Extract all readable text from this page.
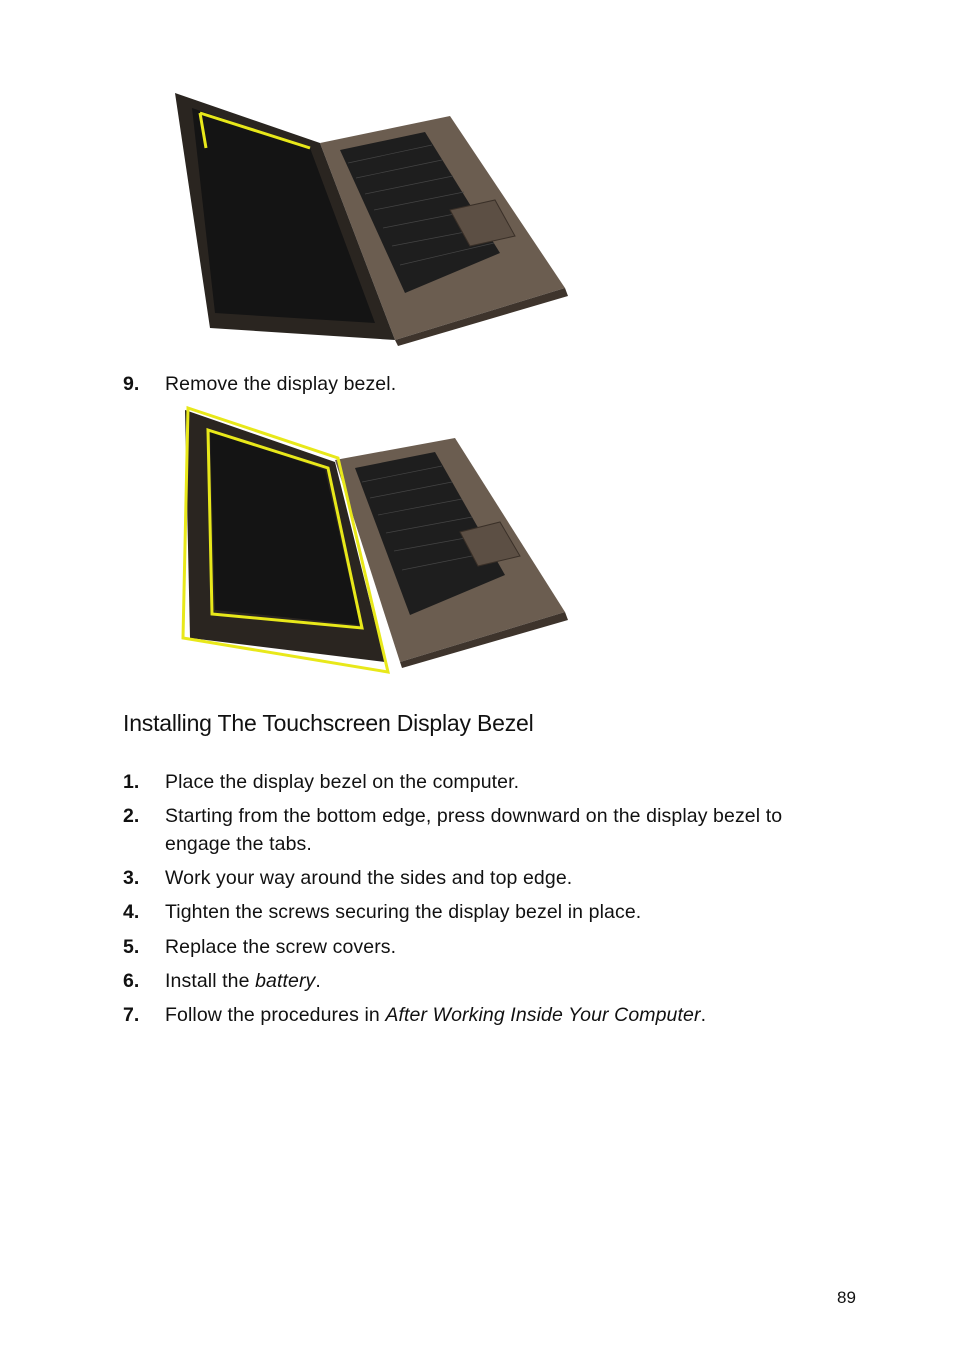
9. Remove the display bezel.
Installing The Touchscreen Display Bezel
1. Place the display bezel on the computer.
2. Starting from the bottom edge, press downward on the display bezel to
engage the tabs.
3. Work your way around the sides and top edge.
4. Tighten the screws securing the display bezel in place.
5. Replace the screw covers.
6. Install the battery.
7. Follow the procedures in After Working Inside Your Computer.
89
